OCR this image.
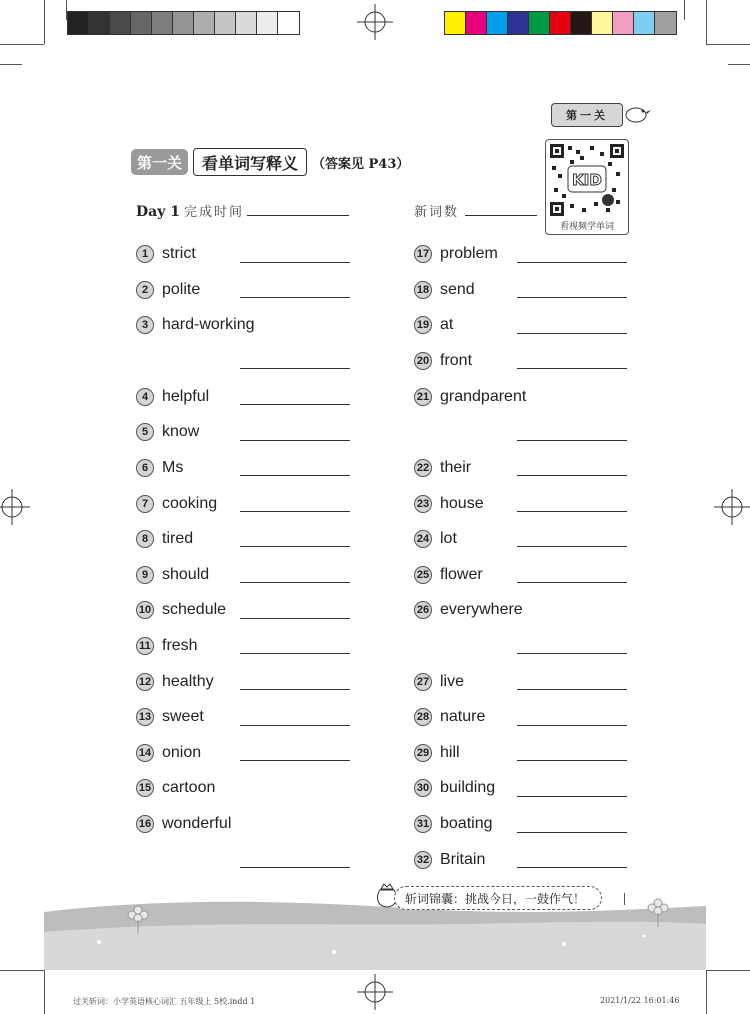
第一关
第一关	看单词写释义	（答案见 P43）
KID
看视频学单词
Day 1 完成时间	新词数
1 strict
2 polite
3 hard-working
4 helpful
5 know
6 Ms
7 cooking
8 tired
9 should
10 schedule
11 fresh
12 healthy
13 sweet
14 onion
15 cartoon
16 wonderful
17 problem
18 send
19 at
20 front
21 grandparent
22 their
23 house
24 lot
25 flower
26 everywhere
27 live
28 nature
29 hill
30 building
31 boating
32 Britain
斩词锦囊：挑战今日，一鼓作气！
过关斩词：小学英语核心词汇 五年级上 5校.indd 1	2021/1/22 16:01:46
